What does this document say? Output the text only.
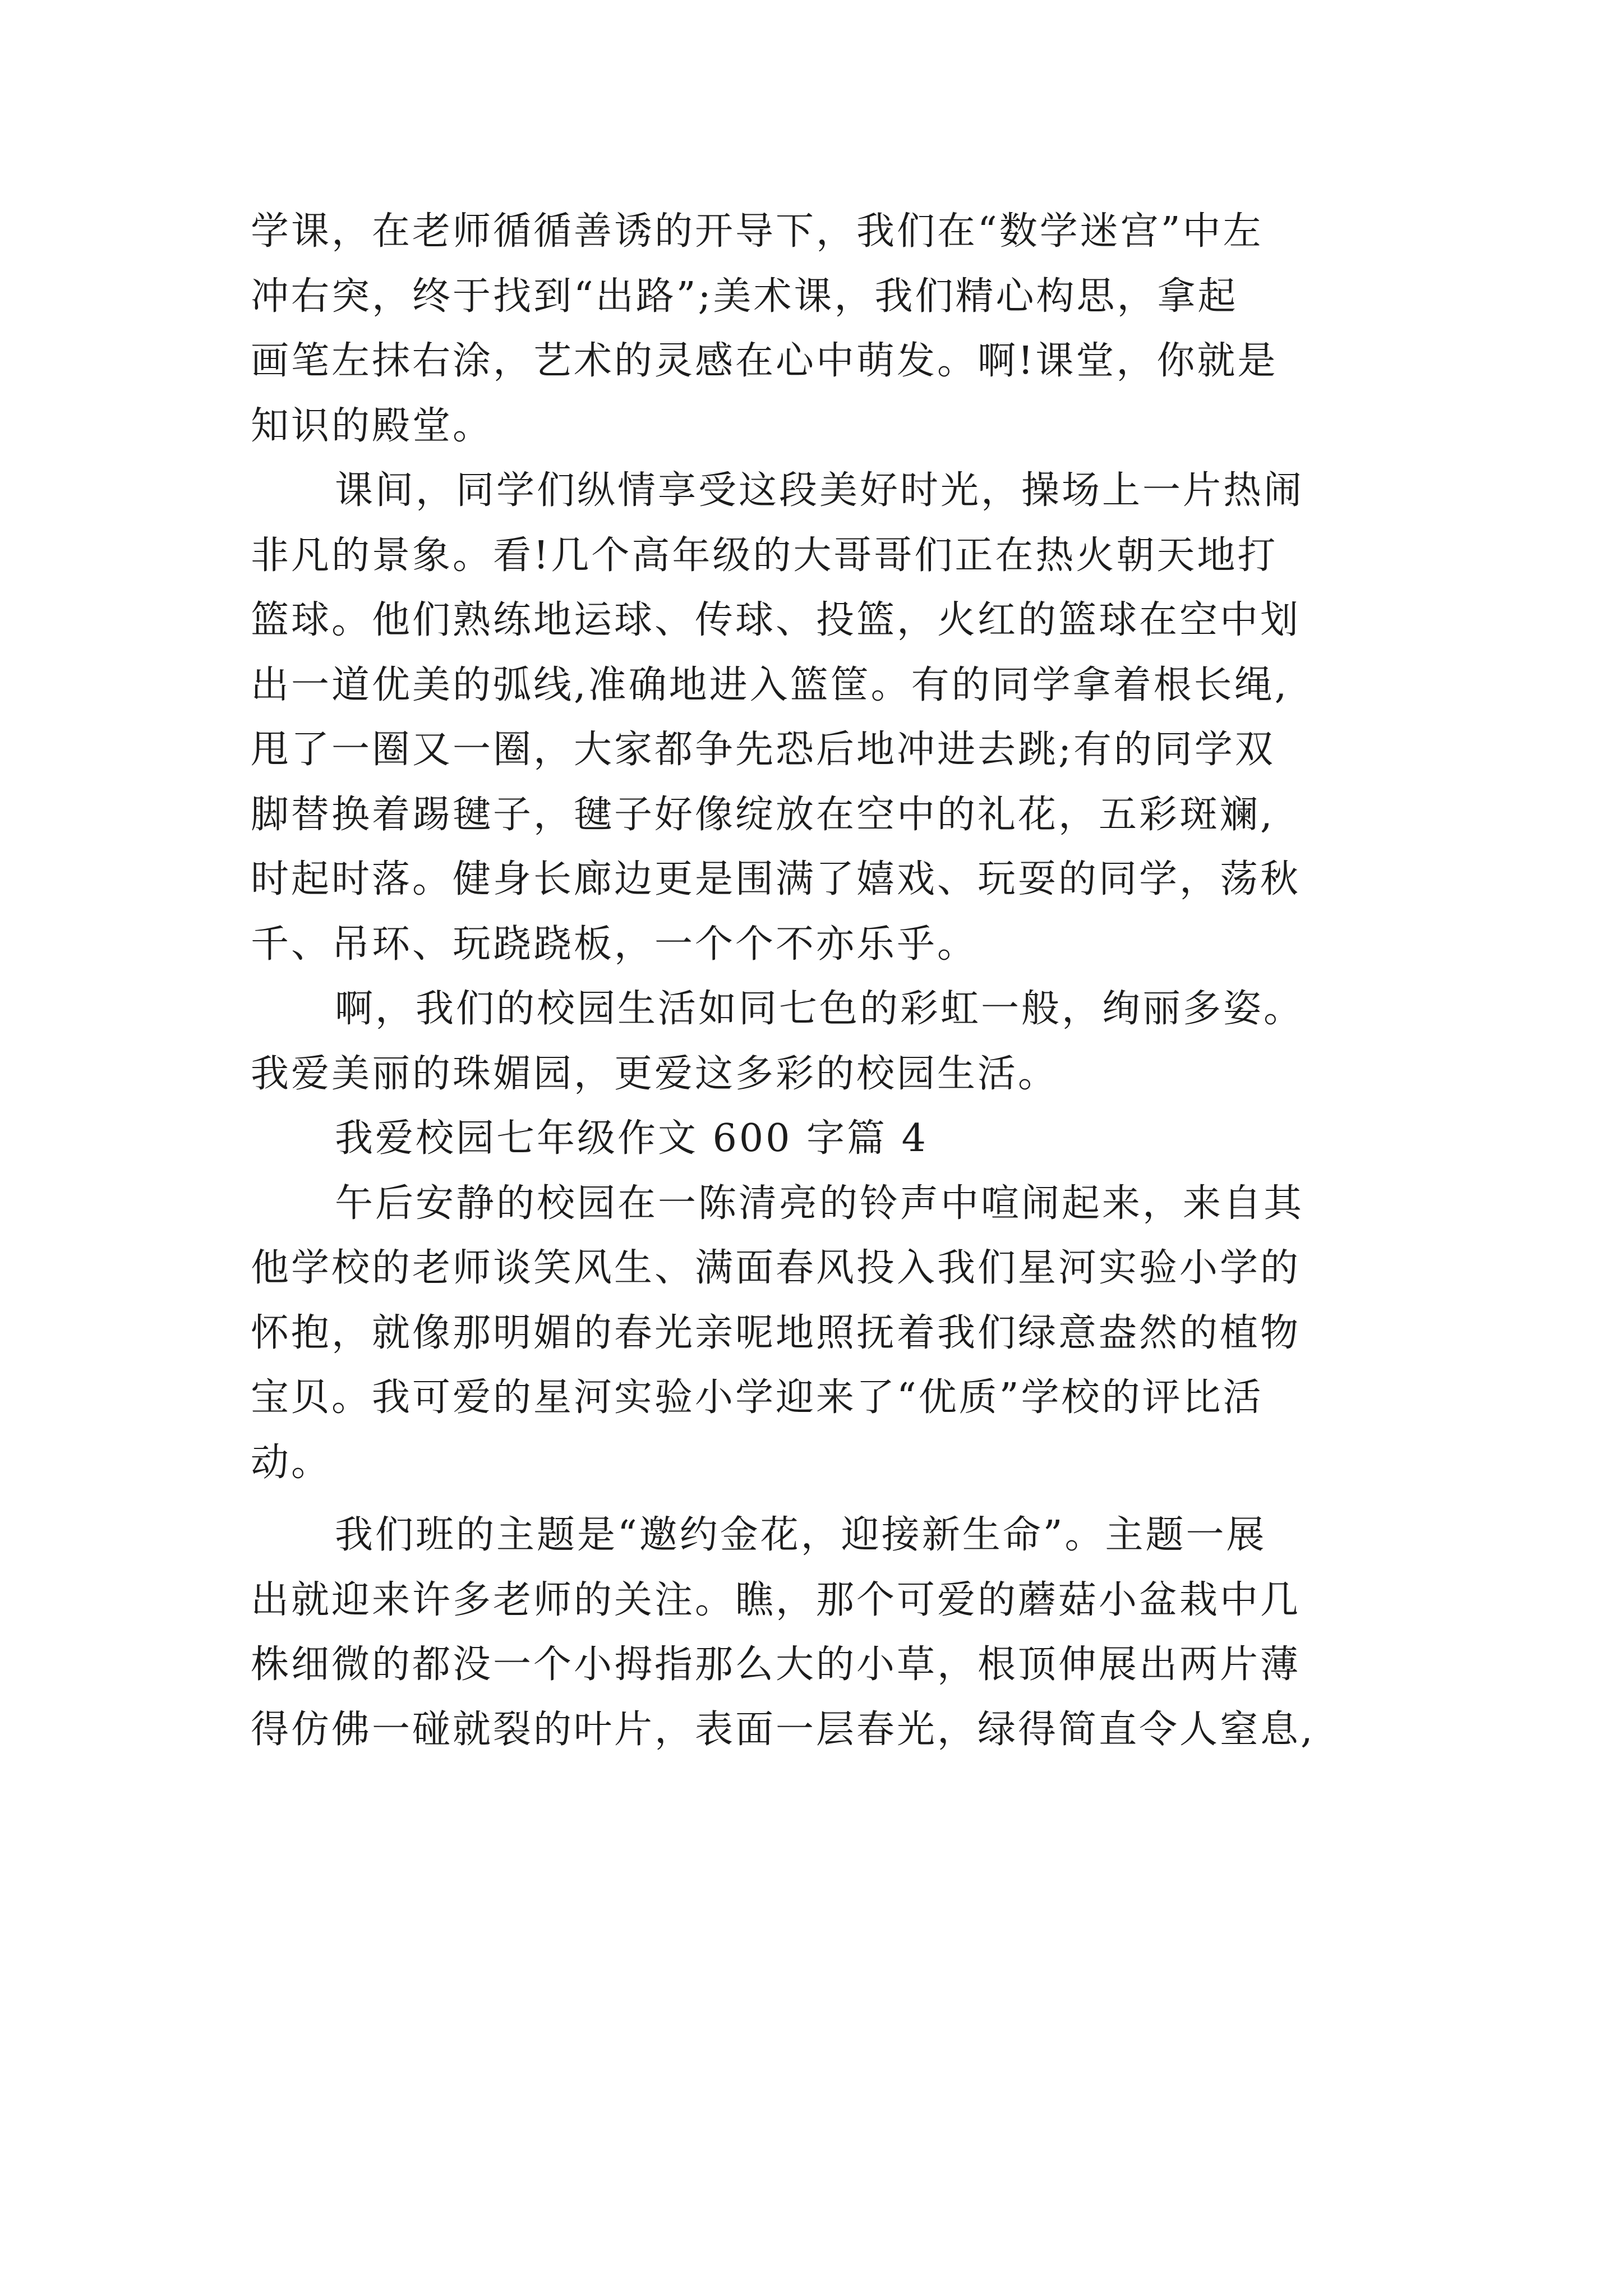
学课，在老师循循善诱的开导下，我们在“数学迷宫”中左
冲右突，终于找到“出路”;美术课，我们精心构思，拿起
画笔左抹右涂，艺术的灵感在心中萌发。啊!课堂，你就是
知识的殿堂。
课间，同学们纵情享受这段美好时光，操场上一片热闹
非凡的景象。看!几个高年级的大哥哥们正在热火朝天地打
篮球。他们熟练地运球、传球、投篮，火红的篮球在空中划
出一道优美的弧线,准确地进入篮筐。有的同学拿着根长绳,
甩了一圈又一圈，大家都争先恐后地冲进去跳;有的同学双
脚替换着踢毽子，毽子好像绽放在空中的礼花，五彩斑斓,
时起时落。健身长廊边更是围满了嬉戏、玩耍的同学，荡秋
千、吊环、玩跷跷板，一个个不亦乐乎。
啊，我们的校园生活如同七色的彩虹一般，绚丽多姿。
我爱美丽的珠媚园，更爱这多彩的校园生活。
我爱校园七年级作文 600 字篇 4
午后安静的校园在一陈清亮的铃声中喧闹起来，来自其
他学校的老师谈笑风生、满面春风投入我们星河实验小学的
怀抱，就像那明媚的春光亲呢地照抚着我们绿意盎然的植物
宝贝。我可爱的星河实验小学迎来了“优质”学校的评比活
动。
我们班的主题是“邀约金花，迎接新生命”。主题一展
出就迎来许多老师的关注。瞧，那个可爱的蘑菇小盆栽中几
株细微的都没一个小拇指那么大的小草，根顶伸展出两片薄
得仿佛一碰就裂的叶片，表面一层春光，绿得简直令人窒息,
